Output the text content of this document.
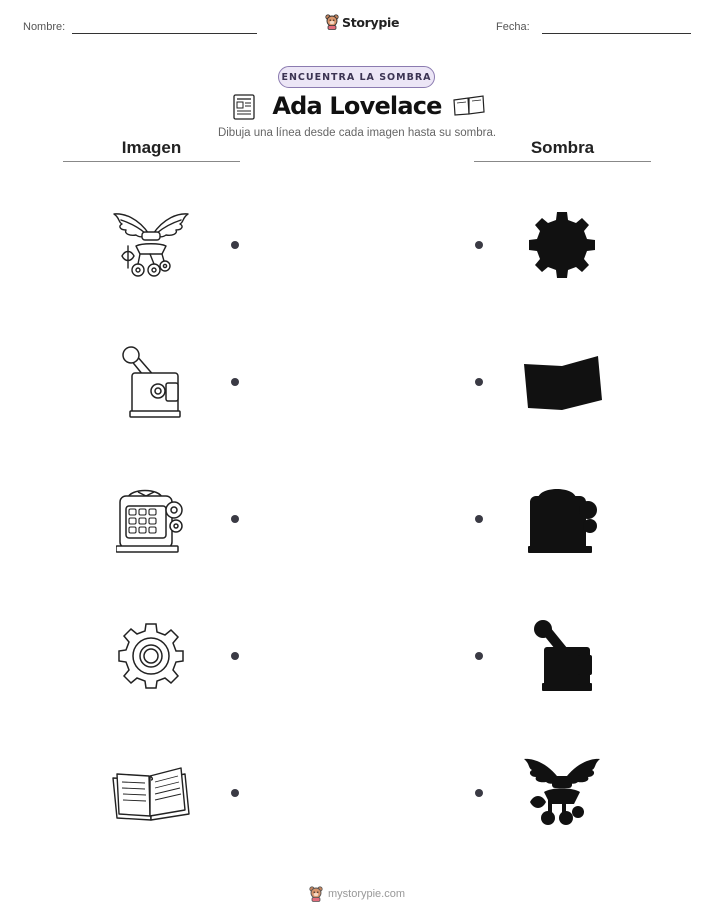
Nombre:	Storypie	Fecha:
ENCUENTRA LA SOMBRA
Ada Lovelace
Dibuja una línea desde cada imagen hasta su sombra.
Imagen	Sombra
mystorypie.com
